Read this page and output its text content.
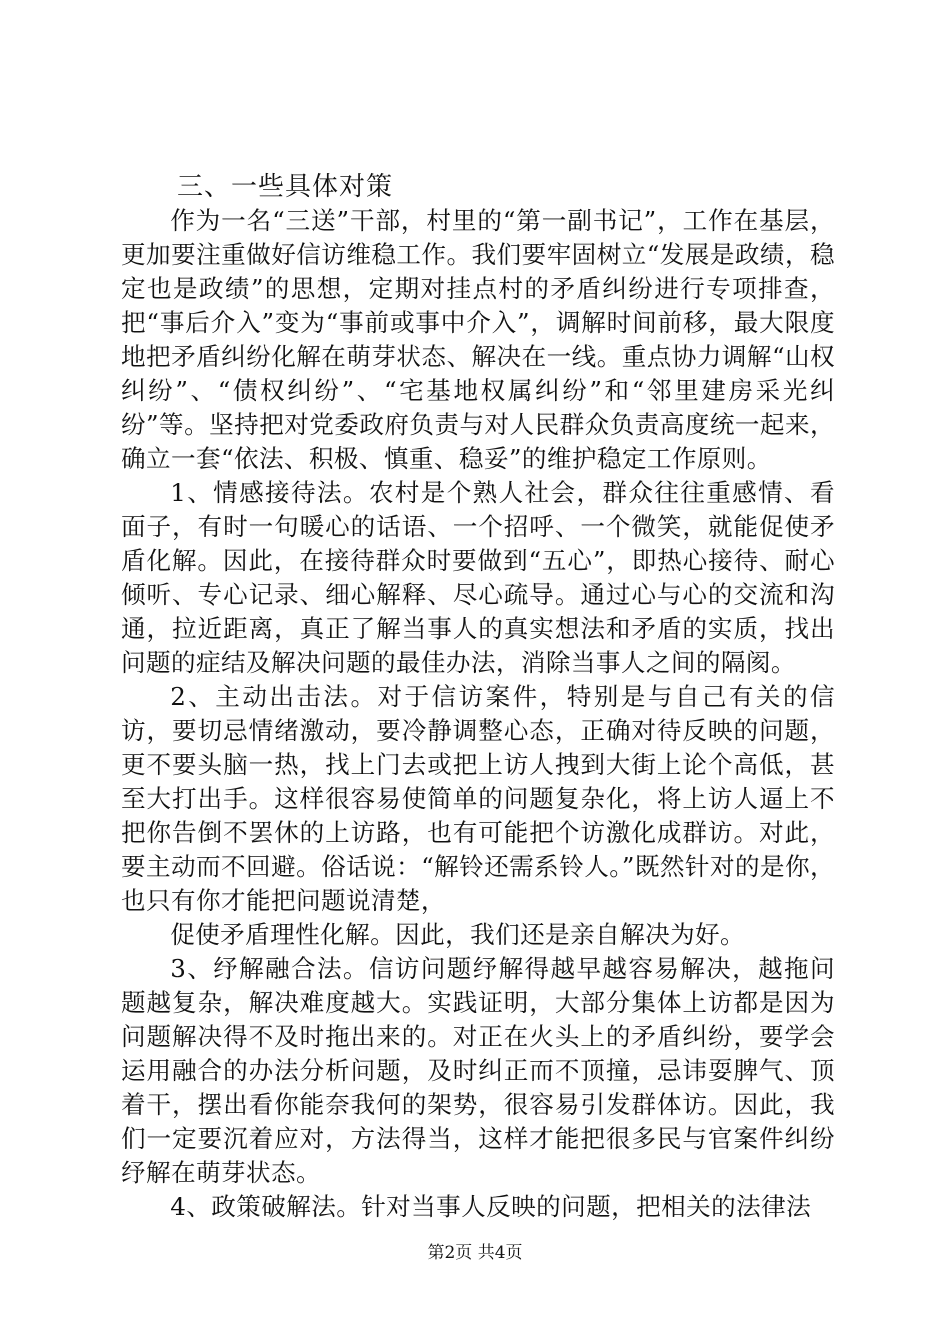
三、一些具体对策

作为一名“三送”干部，村里的“第一副书记”，工作在基层，更加要注重做好信访维稳工作。我们要牢固树立“发展是政绩，稳定也是政绩”的思想，定期对挂点村的矛盾纠纷进行专项排查，把“事后介入”变为“事前或事中介入”，调解时间前移，最大限度地把矛盾纠纷化解在萌芽状态、解决在一线。重点协力调解“山权纠纷”、“债权纠纷”、“宅基地权属纠纷”和“邻里建房采光纠纷”等。坚持把对党委政府负责与对人民群众负责高度统一起来，确立一套“依法、积极、慎重、稳妥”的维护稳定工作原则。

1、情感接待法。农村是个熟人社会，群众往往重感情、看面子，有时一句暖心的话语、一个招呼、一个微笑，就能促使矛盾化解。因此，在接待群众时要做到“五心”，即热心接待、耐心倾听、专心记录、细心解释、尽心疏导。通过心与心的交流和沟通，拉近距离，真正了解当事人的真实想法和矛盾的实质，找出问题的症结及解决问题的最佳办法，消除当事人之间的隔阂。

2、主动出击法。对于信访案件，特别是与自己有关的信访，要切忌情绪激动，要冷静调整心态，正确对待反映的问题，更不要头脑一热，找上门去或把上访人拽到大街上论个高低，甚至大打出手。这样很容易使简单的问题复杂化，将上访人逼上不把你告倒不罢休的上访路，也有可能把个访激化成群访。对此，要主动而不回避。俗话说：“解铃还需系铃人。”既然针对的是你，也只有你才能把问题说清楚，

促使矛盾理性化解。因此，我们还是亲自解决为好。

3、纾解融合法。信访问题纾解得越早越容易解决，越拖问题越复杂，解决难度越大。实践证明，大部分集体上访都是因为问题解决得不及时拖出来的。对正在火头上的矛盾纠纷，要学会运用融合的办法分析问题，及时纠正而不顶撞，忌讳耍脾气、顶着干，摆出看你能奈我何的架势，很容易引发群体访。因此，我们一定要沉着应对，方法得当，这样才能把很多民与官案件纠纷纾解在萌芽状态。

4、政策破解法。针对当事人反映的问题，把相关的法律法

第2页 共4页
